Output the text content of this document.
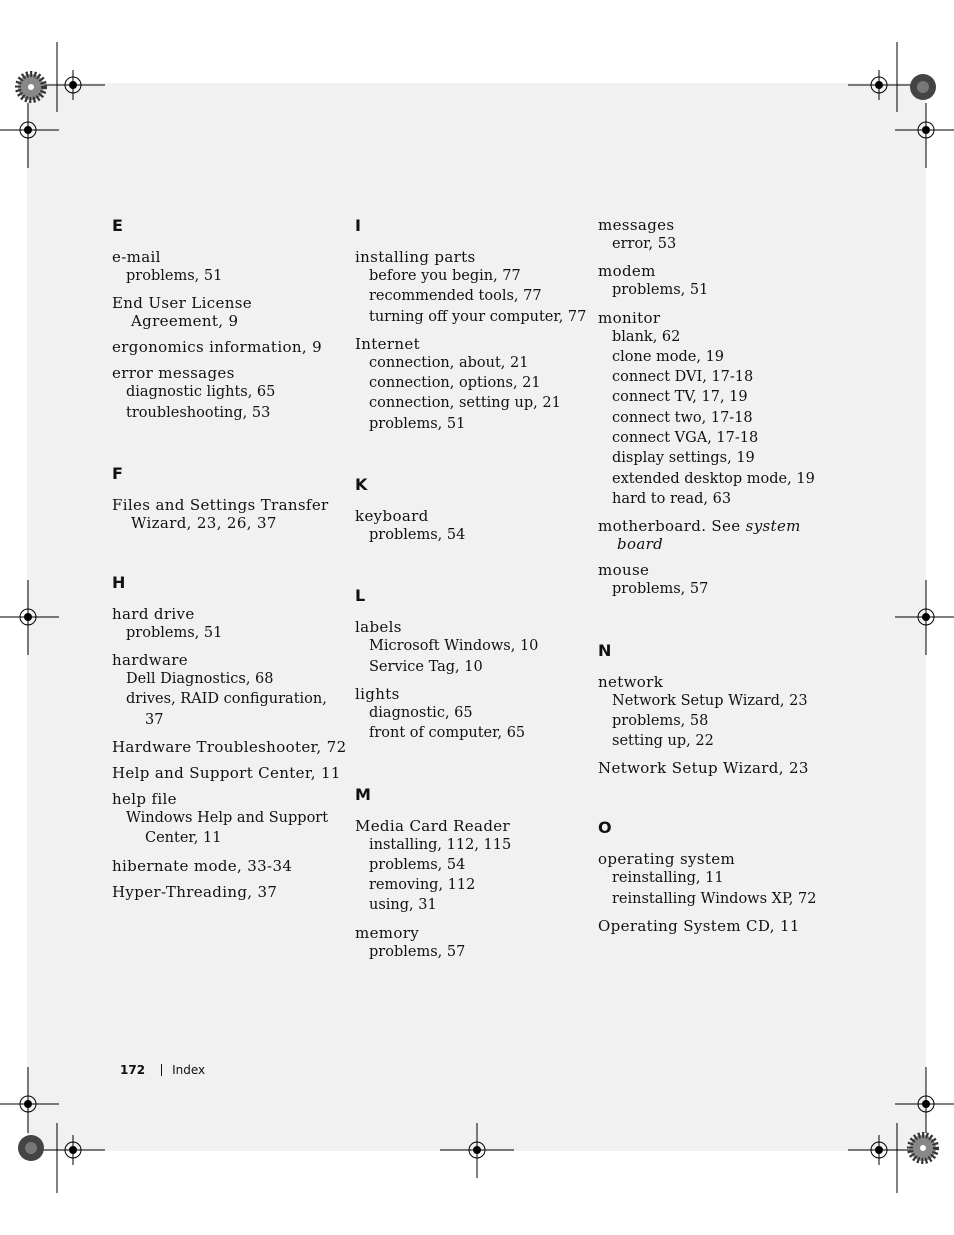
E
e-mail
problems, 51
End User License Agreement, 9
ergonomics information, 9
error messages
diagnostic lights, 65
troubleshooting, 53
F
Files and Settings Transfer Wizard, 23, 26, 37
H
hard drive
problems, 51
hardware
Dell Diagnostics, 68
drives, RAID configuration, 37
Hardware Troubleshooter, 72
Help and Support Center, 11
help file
Windows Help and Support Center, 11
hibernate mode, 33-34
Hyper-Threading, 37
I
installing parts
before you begin, 77
recommended tools, 77
turning off your computer, 77
Internet
connection, about, 21
connection, options, 21
connection, setting up, 21
problems, 51
K
keyboard
problems, 54
L
labels
Microsoft Windows, 10
Service Tag, 10
lights
diagnostic, 65
front of computer, 65
M
Media Card Reader
installing, 112, 115
problems, 54
removing, 112
using, 31
memory
problems, 57
messages
error, 53
modem
problems, 51
monitor
blank, 62
clone mode, 19
connect DVI, 17-18
connect TV, 17, 19
connect two, 17-18
connect VGA, 17-18
display settings, 19
extended desktop mode, 19
hard to read, 63
motherboard. See system board
mouse
problems, 57
N
network
Network Setup Wizard, 23
problems, 58
setting up, 22
Network Setup Wizard, 23
O
operating system
reinstalling, 11
reinstalling Windows XP, 72
Operating System CD, 11
172 Index
